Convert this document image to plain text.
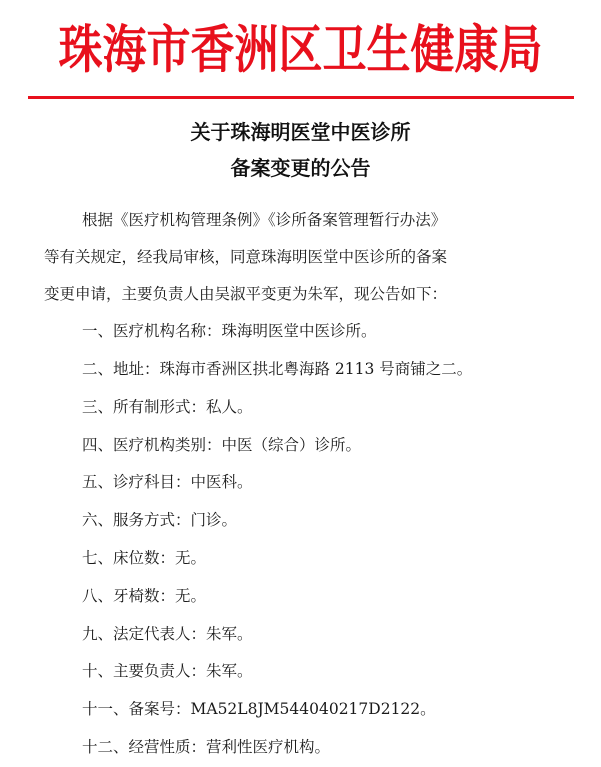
珠海市香洲区卫生健康局
关于珠海明医堂中医诊所
备案变更的公告
根据《医疗机构管理条例》《诊所备案管理暂行办法》
等有关规定，经我局审核，同意珠海明医堂中医诊所的备案
变更申请，主要负责人由吴淑平变更为朱军，现公告如下：
一、医疗机构名称：珠海明医堂中医诊所。
二、地址：珠海市香洲区拱北粤海路 2113 号商铺之二。
三、所有制形式：私人。
四、医疗机构类别：中医（综合）诊所。
五、诊疗科目：中医科。
六、服务方式：门诊。
七、床位数：无。
八、牙椅数：无。
九、法定代表人：朱军。
十、主要负责人：朱军。
十一、备案号：MA52L8JM544040217D2122。
十二、经营性质：营利性医疗机构。
